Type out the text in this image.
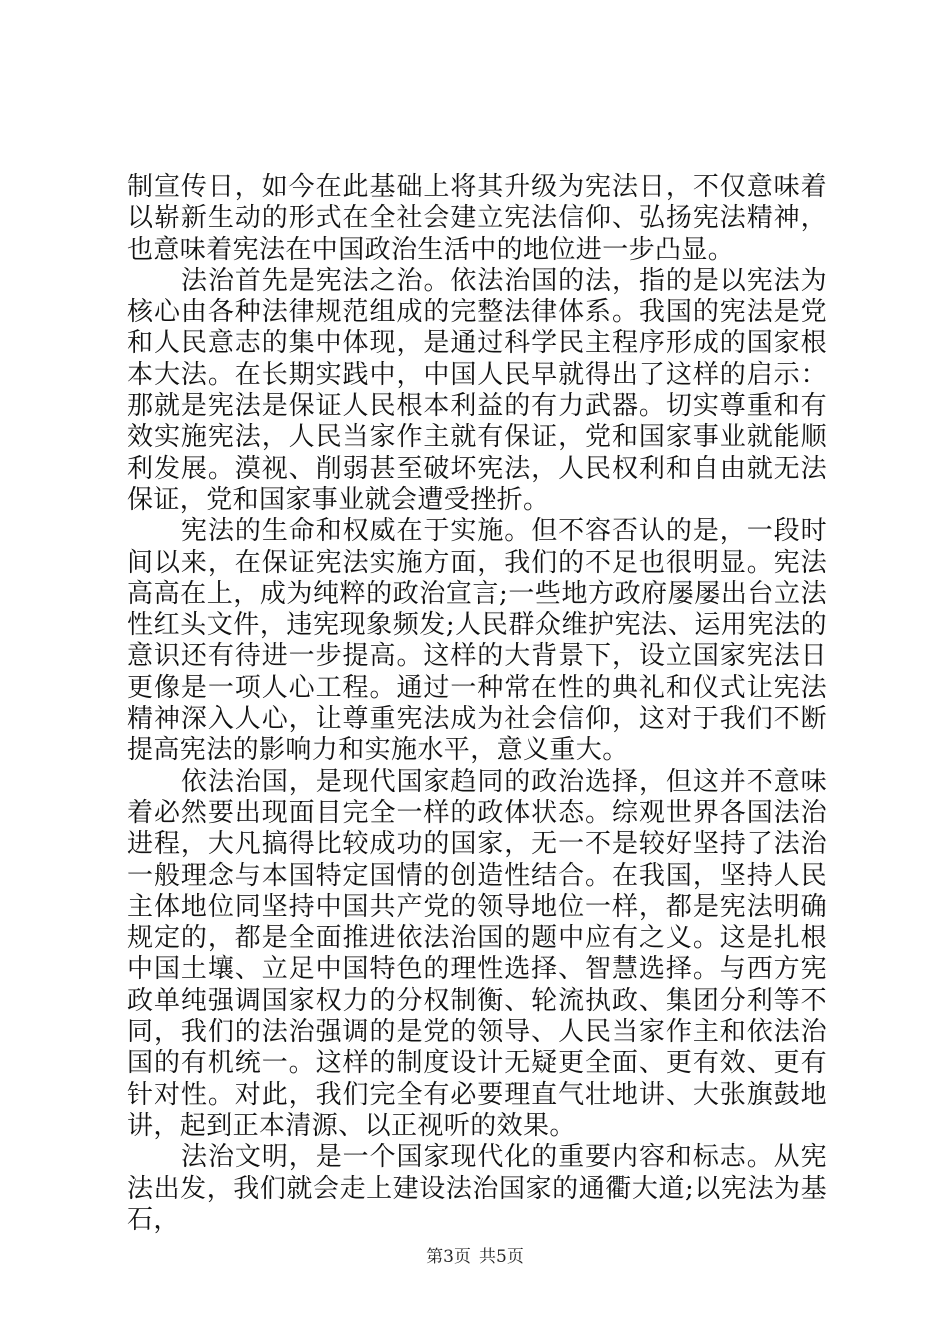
制宣传日，如今在此基础上将其升级为宪法日，不仅意味着以崭新生动的形式在全社会建立宪法信仰、弘扬宪法精神，也意味着宪法在中国政治生活中的地位进一步凸显。

法治首先是宪法之治。依法治国的法，指的是以宪法为核心由各种法律规范组成的完整法律体系。我国的宪法是党和人民意志的集中体现，是通过科学民主程序形成的国家根本大法。在长期实践中，中国人民早就得出了这样的启示：那就是宪法是保证人民根本利益的有力武器。切实尊重和有效实施宪法，人民当家作主就有保证，党和国家事业就能顺利发展。漠视、削弱甚至破坏宪法，人民权利和自由就无法保证，党和国家事业就会遭受挫折。

宪法的生命和权威在于实施。但不容否认的是，一段时间以来，在保证宪法实施方面，我们的不足也很明显。宪法高高在上，成为纯粹的政治宣言;一些地方政府屡屡出台立法性红头文件，违宪现象频发;人民群众维护宪法、运用宪法的意识还有待进一步提高。这样的大背景下，设立国家宪法日更像是一项人心工程。通过一种常在性的典礼和仪式让宪法精神深入人心，让尊重宪法成为社会信仰，这对于我们不断提高宪法的影响力和实施水平，意义重大。

依法治国，是现代国家趋同的政治选择，但这并不意味着必然要出现面目完全一样的政体状态。综观世界各国法治进程，大凡搞得比较成功的国家，无一不是较好坚持了法治一般理念与本国特定国情的创造性结合。在我国，坚持人民主体地位同坚持中国共产党的领导地位一样，都是宪法明确规定的，都是全面推进依法治国的题中应有之义。这是扎根中国土壤、立足中国特色的理性选择、智慧选择。与西方宪政单纯强调国家权力的分权制衡、轮流执政、集团分利等不同，我们的法治强调的是党的领导、人民当家作主和依法治国的有机统一。这样的制度设计无疑更全面、更有效、更有针对性。对此，我们完全有必要理直气壮地讲、大张旗鼓地讲，起到正本清源、以正视听的效果。

法治文明，是一个国家现代化的重要内容和标志。从宪法出发，我们就会走上建设法治国家的通衢大道;以宪法为基石，

第3页 共5页
